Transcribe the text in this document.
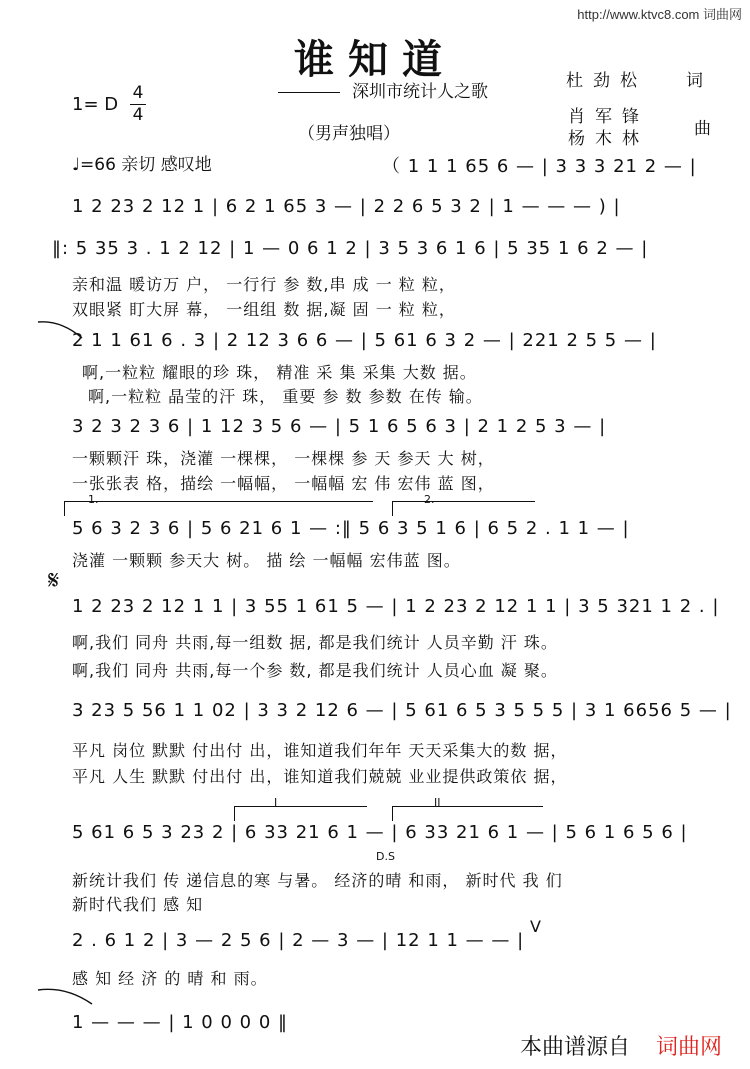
http://www.ktvc8.com 词曲网
谁知道
深圳市统计人之歌
（男声独唱）
杜劲松 词
肖军锋
杨木林	曲
1= D
4
4
♩=66 亲切 感叹地	（ 1 1 1 65 6 — | 3 3 3 21 2 — |
1 2 23 2 12 1 | 6 2 1 65 3 — | 2 2 6 5 3 2 | 1 — — — ) |
‖: 5 35 3 . 1 2 12 | 1 — 0 6 1 2 | 3 5 3 6 1 6 | 5 35 1 6 2 — |
亲和温 暖访万 户， 一行行 参 数,串 成 一 粒 粒，
双眼紧 盯大屏 幕， 一组组 数 据,凝 固 一 粒 粒，
2 1 1 61 6 . 3 | 2 12 3 6 6 — | 5 61 6 3 2 — | 221 2 5 5 — |
啊,一粒粒 耀眼的珍 珠， 精准 采 集 采集 大数 据。
啊,一粒粒 晶莹的汗 珠， 重要 参 数 参数 在传 输。
3 2 3 2 3 6 | 1 12 3 5 6 — | 5 1 6 5 6 3 | 2 1 2 5 3 — |
一颗颗汗 珠，浇灌 一棵棵， 一棵棵 参 天 参天 大 树，
一张张表 格，描绘 一幅幅， 一幅幅 宏 伟 宏伟 蓝 图，
1.	2.
5 6 3 2 3 6 | 5 6 21 6 1 — :‖ 5 6 3 5 1 6 | 6 5 2 . 1 1 — |
浇灌 一颗颗 参天大 树。 描 绘 一幅幅 宏伟蓝 图。
𝄋
1 2 23 2 12 1 1 | 3 55 1 61 5 — | 1 2 23 2 12 1 1 | 3 5 321 1 2 . |
啊,我们 同舟 共雨,每一组数 据, 都是我们统计 人员辛勤 汗 珠。
啊,我们 同舟 共雨,每一个参 数, 都是我们统计 人员心血 凝 聚。
3 23 5 56 1 1 02 | 3 3 2 12 6 — | 5 61 6 5 3 5 5 5 | 3 1 6656 5 — |
平凡 岗位 默默 付出付 出，谁知道我们年年 天天采集大的数 据，
平凡 人生 默默 付出付 出，谁知道我们兢兢 业业提供政策依 据，
I	II
5 61 6 5 3 23 2 | 6 33 21 6 1 — | 6 33 21 6 1 — | 5 6 1 6 5 6 |
D.S
新统计我们 传 递信息的寒 与暑。 经济的晴 和雨， 新时代 我 们
新时代我们 感 知
V
2 . 6 1 2 | 3 — 2 5 6 | 2 — 3 — | 12 1 1 — — |
感 知 经 济 的 晴 和 雨。
1 — — — | 1 0 0 0 0 ‖
本曲谱源自 词曲网
